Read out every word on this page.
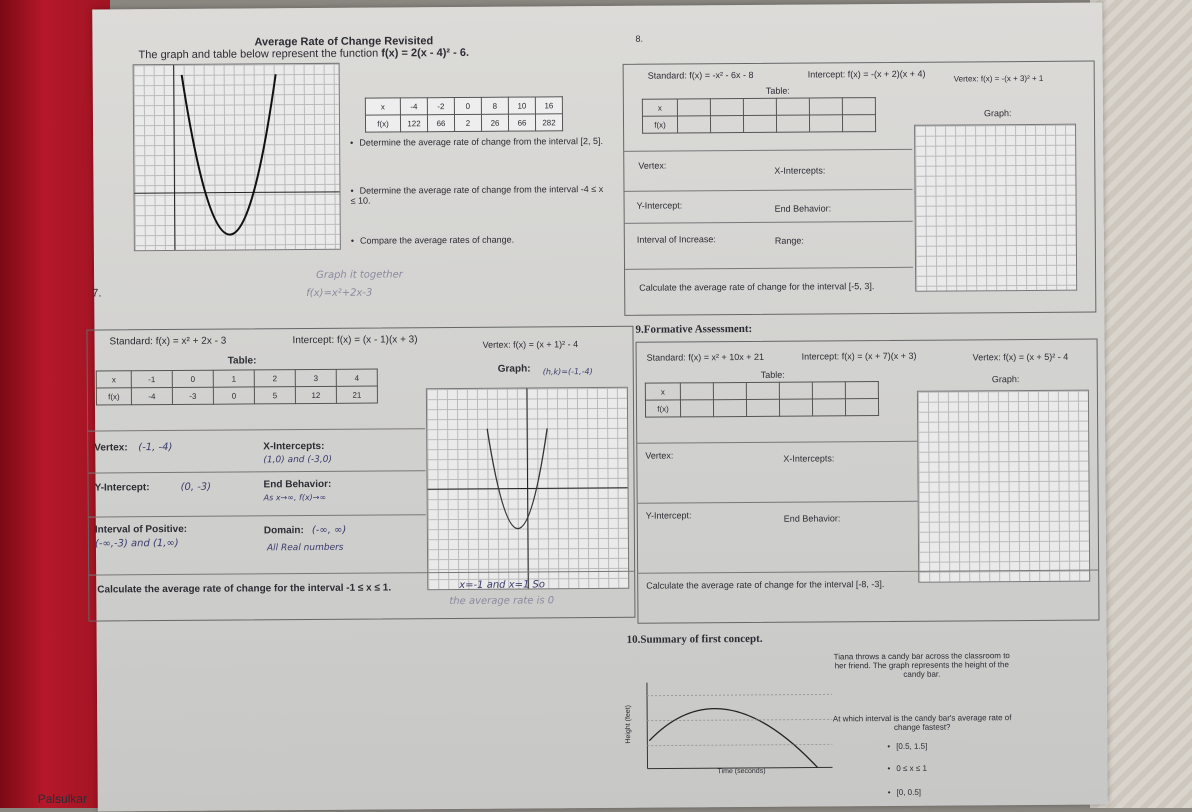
Average Rate of Change Revisited
The graph and table below represent the function f(x) = 2(x - 4)² - 6.
8.
x	-4	-2	0	8	10	16
f(x)	122	66	2	26	66	282
• Determine the average rate of change from the interval [2, 5].
• Determine the average rate of change from the interval -4 ≤ x ≤ 10.
• Compare the average rates of change.
Standard: f(x) = -x² - 6x - 8	Intercept: f(x) = -(x + 2)(x + 4)	Vertex: f(x) = -(x + 3)² + 1
Table:
x						
f(x)						
Graph:
Vertex:	X-Intercepts:
Y-Intercept:	End Behavior:
Interval of Increase:	Range:
Calculate the average rate of change for the interval [-5, 3].
Graph it together
f(x)=x²+2x-3
7.
Standard: f(x) = x² + 2x - 3	Intercept: f(x) = (x - 1)(x + 3)	Vertex: f(x) = (x + 1)² - 4
Table:
x	-1	0	1	2	3	4
f(x)	-4	-3	0	5	12	21
Graph: (h,k)=(-1,-4)
Vertex: (-1, -4)	X-Intercepts:
(1,0) and (-3,0)
Y-Intercept:	(0, -3)	End Behavior:
As x→∞, f(x)→∞
Interval of Positive:
(-∞,-3) and (1,∞)
Domain: (-∞, ∞)
All Real numbers
Calculate the average rate of change for the interval -1 ≤ x ≤ 1.	x=-1 and x=1 So
the average rate is 0
9.Formative Assessment:
Standard: f(x) = x² + 10x + 21	Intercept: f(x) = (x + 7)(x + 3)	Vertex: f(x) = (x + 5)² - 4
Table:
x						
f(x)						
Graph:
Vertex:	X-Intercepts:
Y-Intercept:	End Behavior:
Calculate the average rate of change for the interval [-8, -3].
10.Summary of first concept.
Tiana throws a candy bar across the classroom to her friend. The graph represents the height of the candy bar.
At which interval is the candy bar's average rate of change fastest?
• [0.5, 1.5]
• 0 ≤ x ≤ 1
• [0, 0.5]
Time (seconds)
Height (feet)
Palsulkar
